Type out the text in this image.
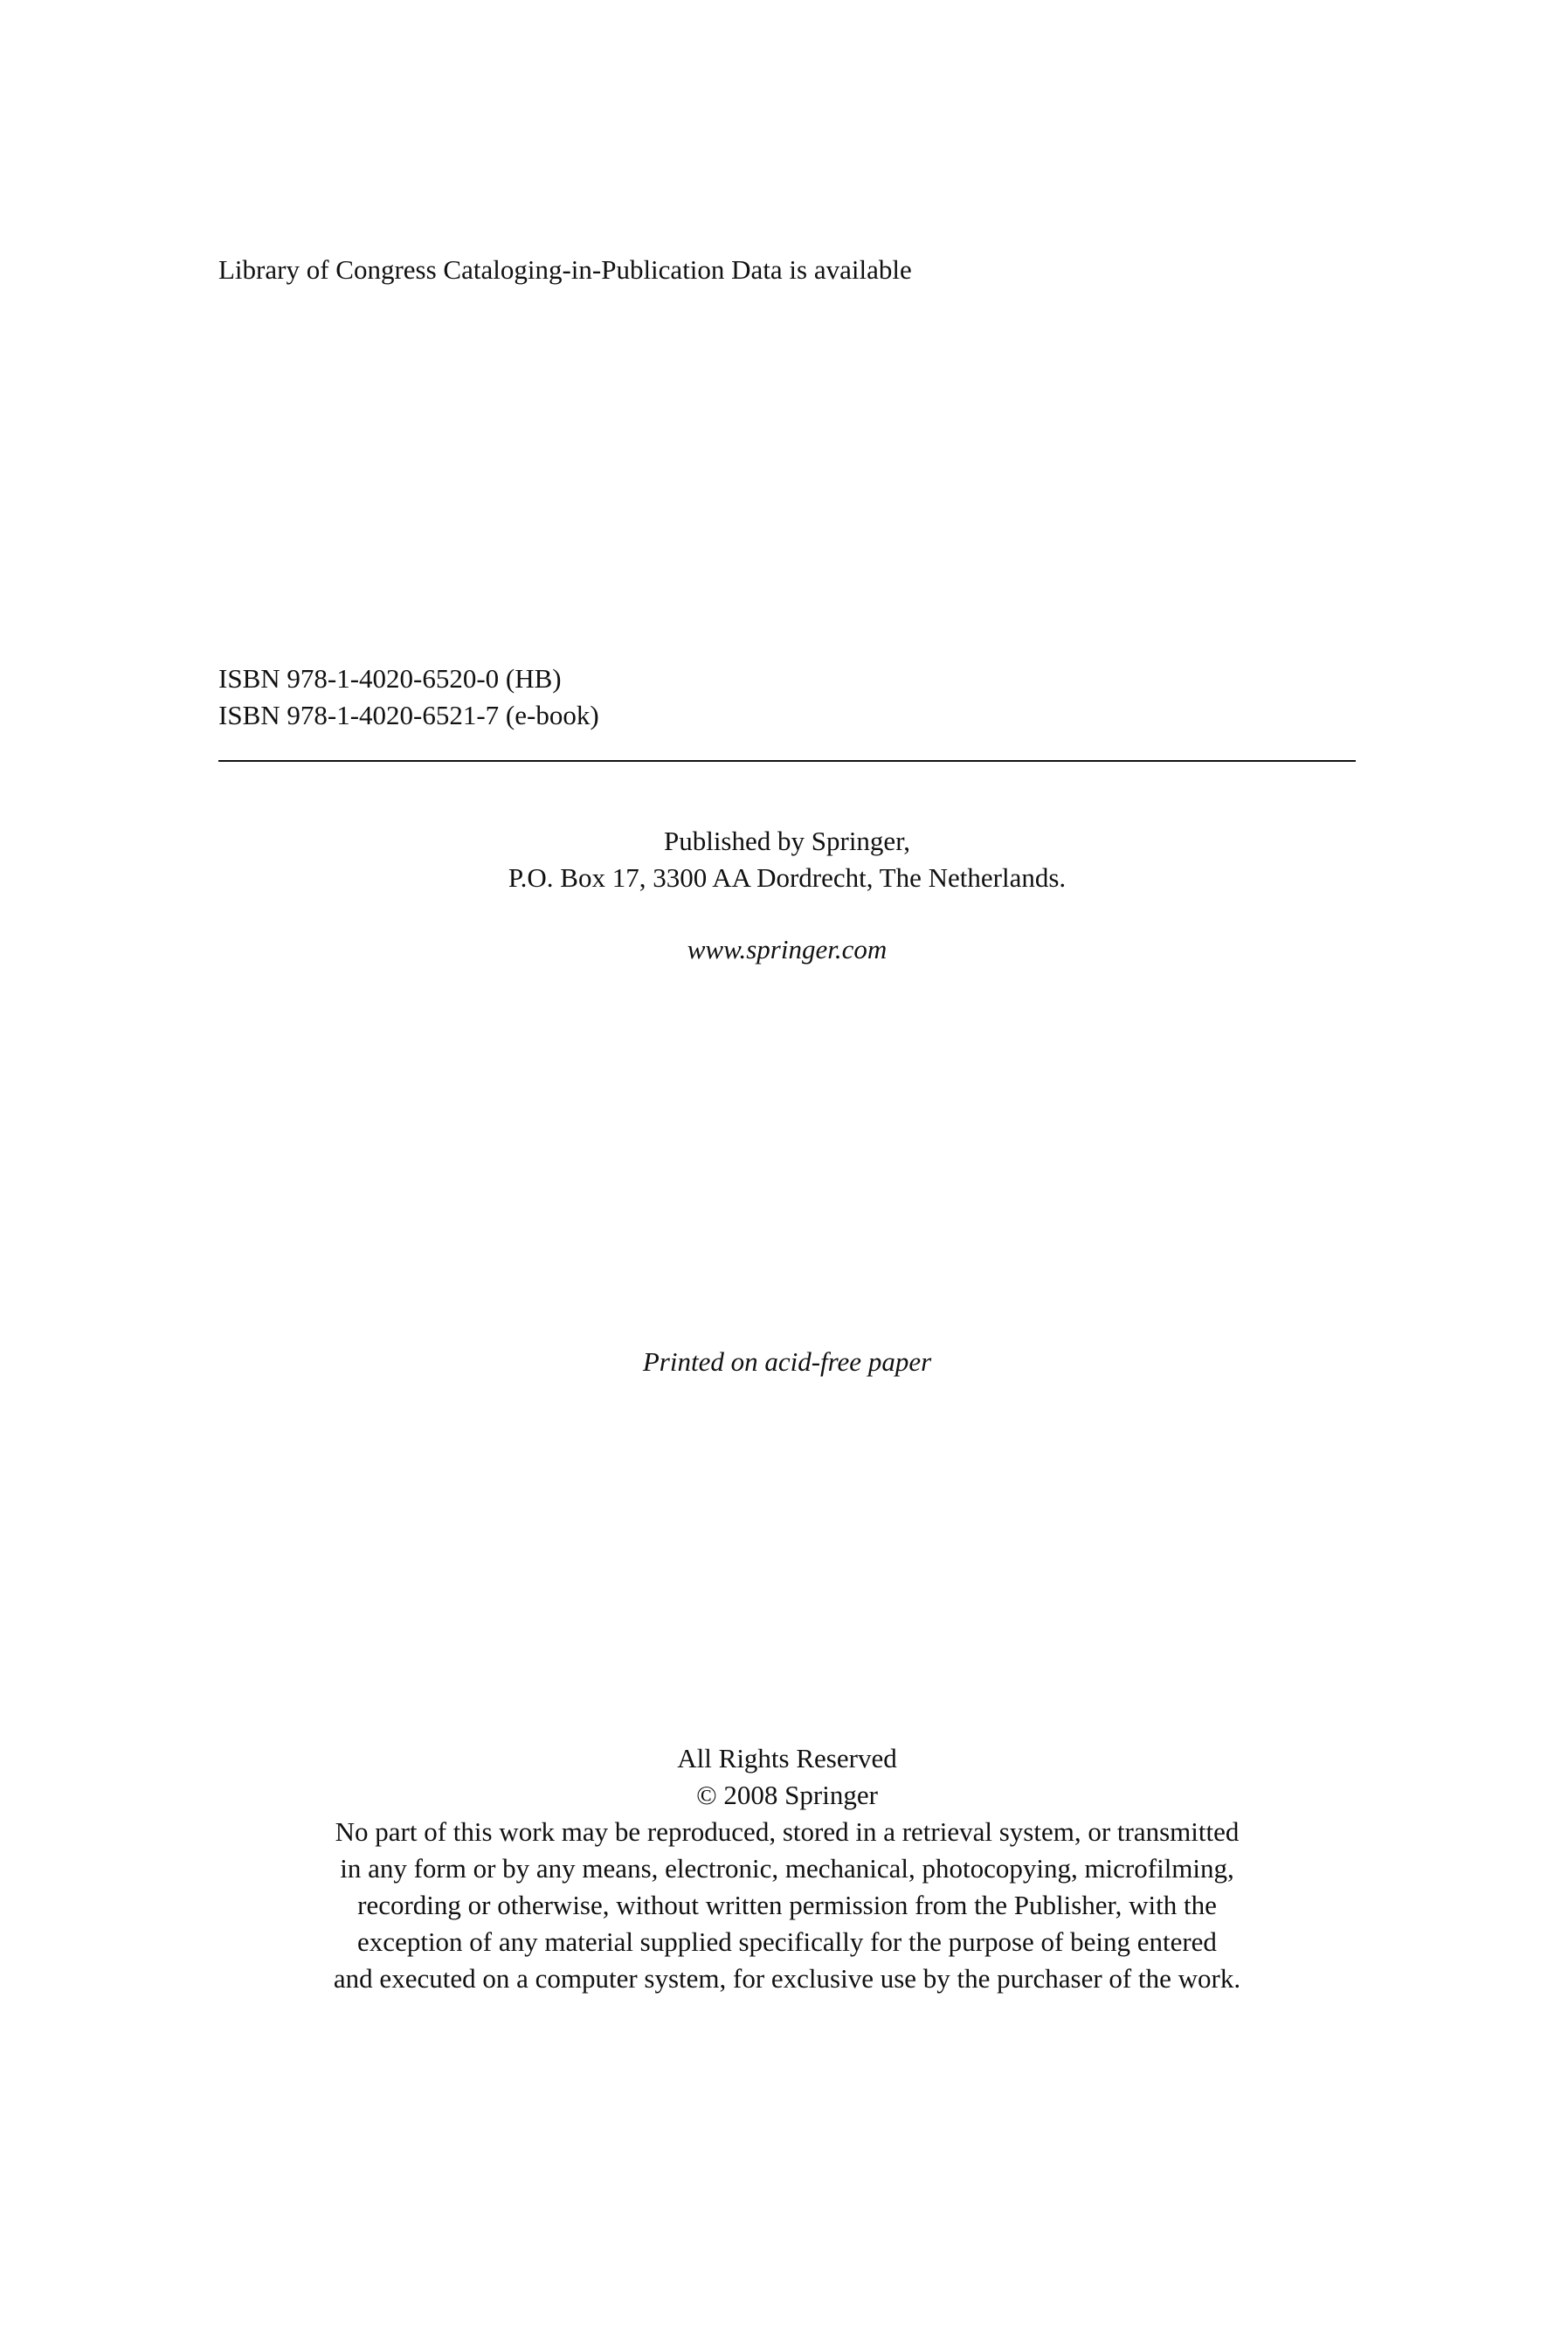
Library of Congress Cataloging-in-Publication Data is available
ISBN 978-1-4020-6520-0 (HB)
ISBN 978-1-4020-6521-7 (e-book)
Published by Springer,
P.O. Box 17, 3300 AA Dordrecht, The Netherlands.
www.springer.com
Printed on acid-free paper
All Rights Reserved
© 2008 Springer
No part of this work may be reproduced, stored in a retrieval system, or transmitted
in any form or by any means, electronic, mechanical, photocopying, microfilming,
recording or otherwise, without written permission from the Publisher, with the
exception of any material supplied specifically for the purpose of being entered
and executed on a computer system, for exclusive use by the purchaser of the work.
